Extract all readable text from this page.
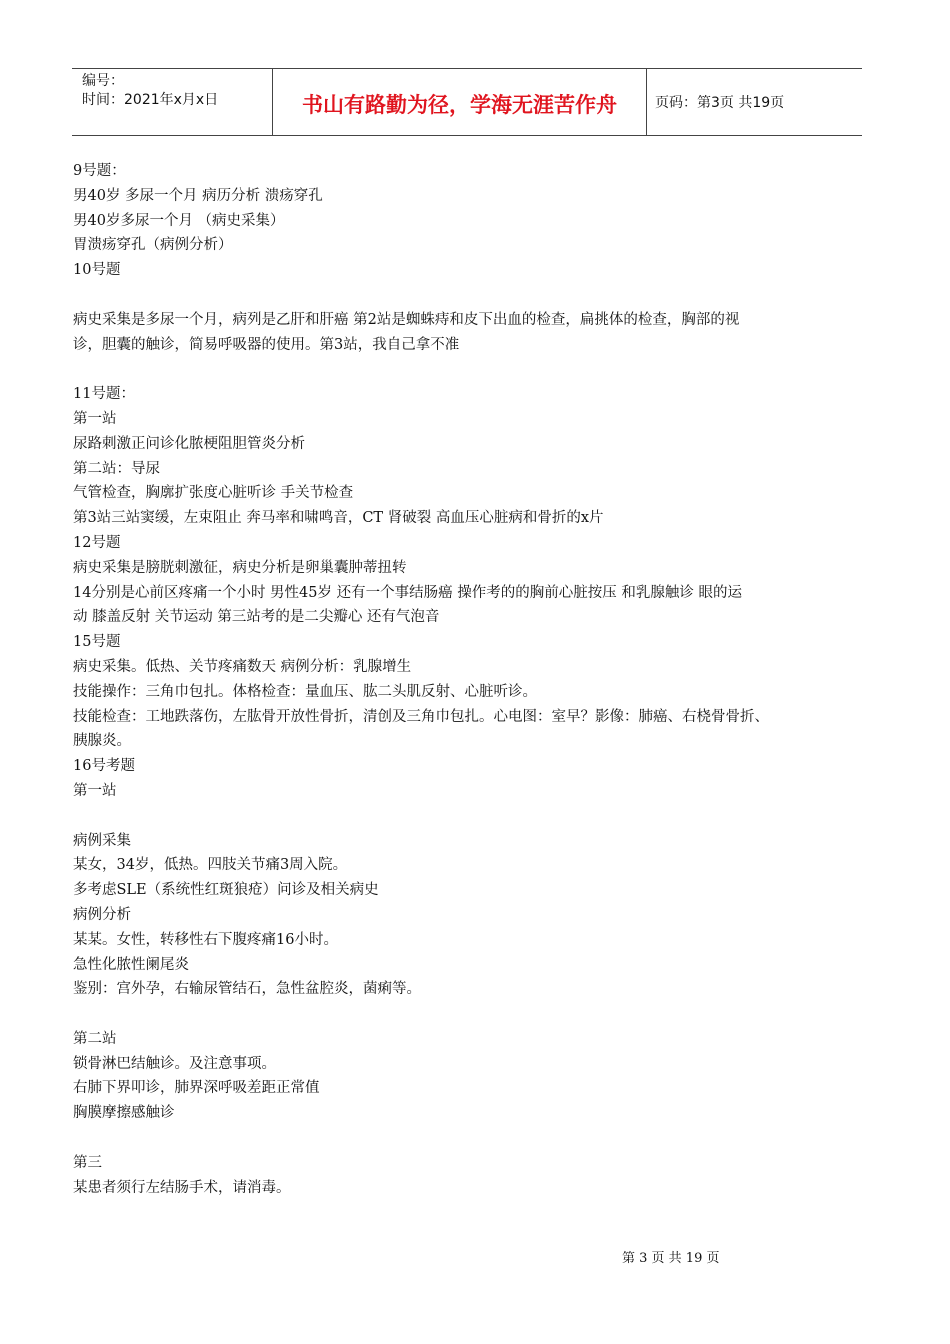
编号：
时间：2021年x月x日	书山有路勤为径，学海无涯苦作舟	页码：第3页 共19页
9号题：
男40岁 多尿一个月 病历分析 溃疡穿孔
男40岁多尿一个月 （病史采集）
胃溃疡穿孔（病例分析）
10号题
病史采集是多尿一个月，病列是乙肝和肝癌 第2站是蜘蛛痔和皮下出血的检查，扁挑体的检查，胸部的视
诊，胆囊的触诊，简易呼吸器的使用。第3站，我自己拿不准
11号题：
第一站
尿路刺激正问诊化脓梗阻胆管炎分析
第二站：导尿
气管检查，胸廓扩张度心脏听诊 手关节检查
第3站三站窦缓，左束阻止 奔马率和啸鸣音，CT 肾破裂 高血压心脏病和骨折的x片
12号题
病史采集是膀胱刺激征，病史分析是卵巢囊肿蒂扭转
14分别是心前区疼痛一个小时 男性45岁 还有一个事结肠癌 操作考的的胸前心脏按压 和乳腺触诊 眼的运
动 膝盖反射 关节运动 第三站考的是二尖瓣心 还有气泡音
15号题
病史采集。低热、关节疼痛数天 病例分析：乳腺增生
技能操作：三角巾包扎。体格检查：量血压、肱二头肌反射、心脏听诊。
技能检查：工地跌落伤，左肱骨开放性骨折，清创及三角巾包扎。心电图：室早？影像：肺癌、右桡骨骨折、
胰腺炎。
16号考题
第一站
病例采集
某女，34岁，低热。四肢关节痛3周入院。
多考虑SLE（系统性红斑狼疮）问诊及相关病史
病例分析
某某。女性，转移性右下腹疼痛16小时。
急性化脓性阑尾炎
鉴别：宫外孕，右输尿管结石，急性盆腔炎，菌痢等。
第二站
锁骨淋巴结触诊。及注意事项。
右肺下界叩诊，肺界深呼吸差距正常值
胸膜摩擦感触诊
第三
某患者须行左结肠手术，请消毒。
第 3 页 共 19 页
